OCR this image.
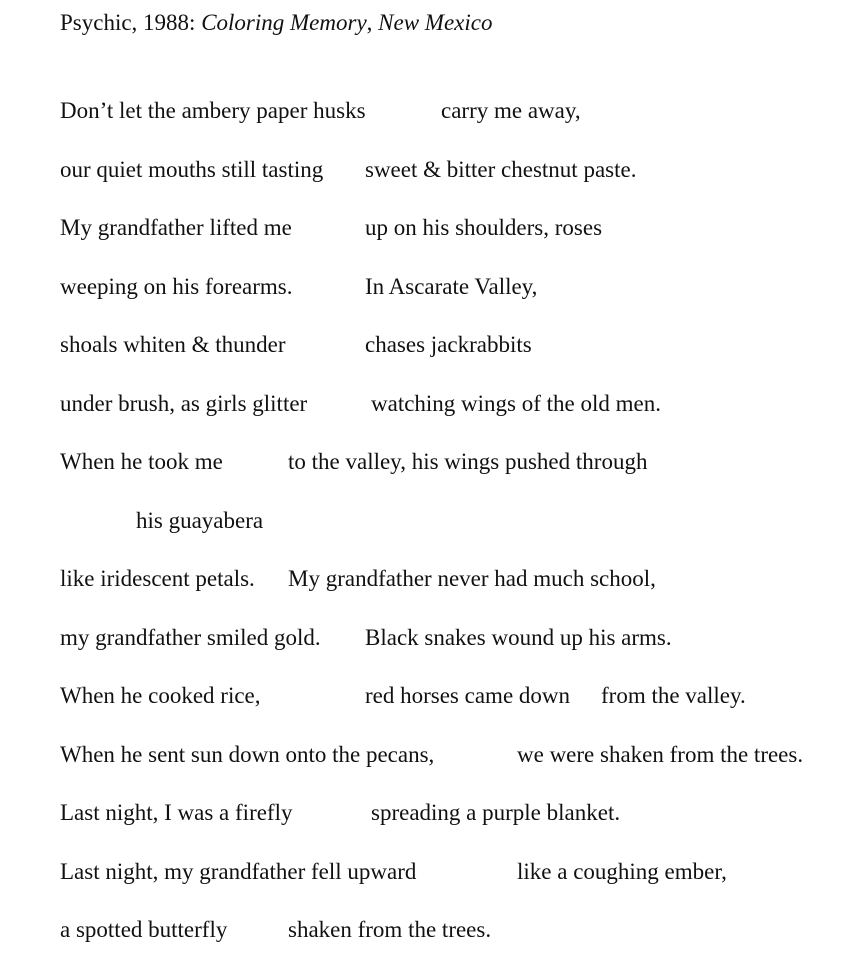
Psychic, 1988: Coloring Memory, New Mexico
Don’t let the ambery paper husks	carry me away,
our quiet mouths still tasting sweet & bitter chestnut paste.
My grandfather lifted me	up on his shoulders, roses
weeping on his forearms.	In Ascarate Valley,
shoals whiten & thunder	chases jackrabbits
under brush, as girls glitter	watching wings of the old men.
When he took me	to the valley, his wings pushed through
his guayabera
like iridescent petals. My grandfather never had much school,
my grandfather smiled gold. Black snakes wound up his arms.
When he cooked rice,	red horses came down from the valley.
When he sent sun down onto the pecans,	we were shaken from the trees.
Last night, I was a firefly	spreading a purple blanket.
Last night, my grandfather fell upward	like a coughing ember,
a spotted butterfly	shaken from the trees.
